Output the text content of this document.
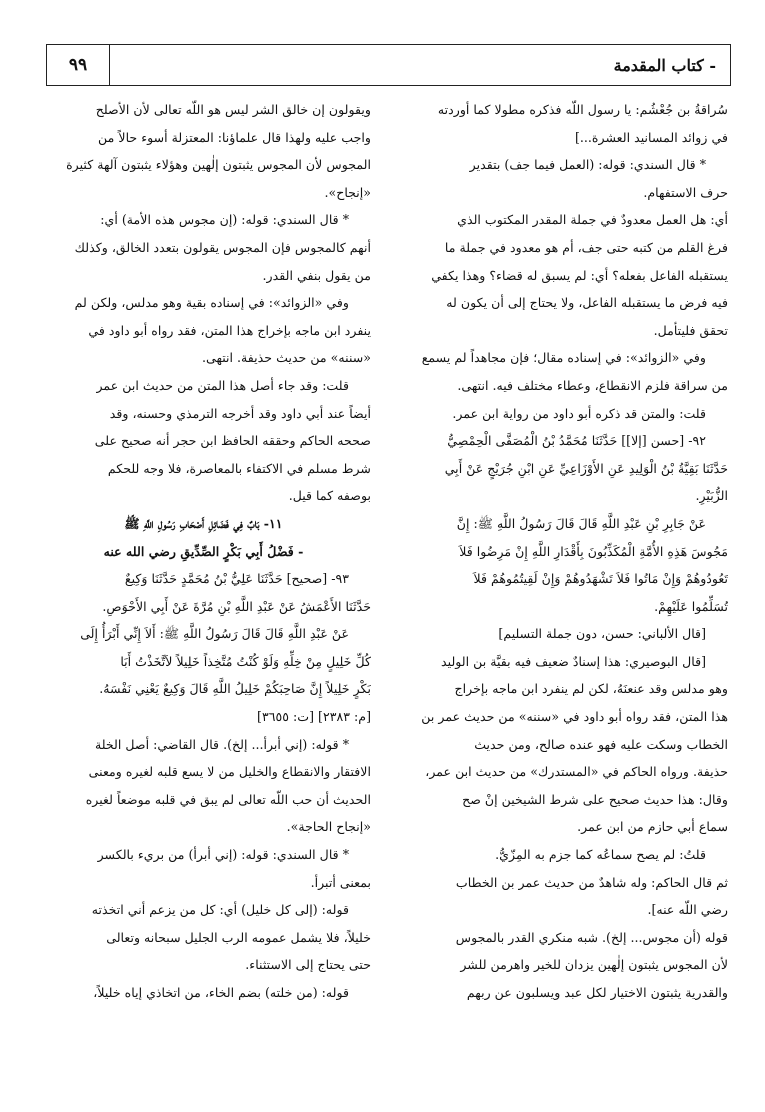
- كتاب المقدمة
٩٩

سُراقةُ بن جُعْشُم: يا رسول اللّه فذكره مطولا كما أوردته

في زوائد المسانيد العشرة...]

* قال السندي: قوله: (العمل فيما جف) بتقدير

حرف الاستفهام.

أي: هل العمل معدودٌ في جملة المقدر المكتوب الذي

فرغ القلم من كتبه حتى جف، أم هو معدود في جملة ما

يستقبله الفاعل بفعله؟ أي: لم يسبق له قضاء؟ وهذا يكفي

فيه فرض ما يستقبله الفاعل، ولا يحتاج إلى أن يكون له

تحقق فليتأمل.

وفي «الزوائد»: في إسناده مقال؛ فإن مجاهداً لم يسمع

من سراقة فلزم الانقطاع، وعطاء مختلف فيه. انتهى.

قلت: والمتن قد ذكره أبو داود من رواية ابن عمر.

٩٢- [حسن [إلا]] حَدَّثَنَا مُحَمَّدُ بْنُ الْمُصَفَّى الْحِمْصِيُّ

حَدَّثَنَا بَقِيَّةُ بْنُ الْوَلِيدِ عَنِ الأَوْزَاعِيِّ عَنِ ابْنِ جُرَيْجٍ عَنْ أَبِي

الزُّبَيْرِ.

عَنْ جَابِرِ بْنِ عَبْدِ اللَّهِ قَالَ قَالَ رَسُولُ اللَّهِ ﷺ: إِنَّ

مَجُوسَ هَذِهِ الأُمَّةِ الْمُكَذِّبُونَ بِأَقْدَارِ اللَّهِ إِنْ مَرِضُوا فَلاَ

تَعُودُوهُمْ وَإِنْ مَاتُوا فَلاَ تَشْهَدُوهُمْ وَإِنْ لَقِيتُمُوهُمْ فَلاَ

تُسَلِّمُوا عَلَيْهِمْ.

[قال الألباني: حسن، دون جملة التسليم]

[قال البوصيري: هذا إسنادٌ ضعيف فيه بقيَّة بن الوليد

وهو مدلس وقد عنعنَهُ، لكن لم ينفرد ابن ماجه بإخراج

هذا المتن، فقد رواه أبو داود في «سننه» من حديث عمر بن

الخطاب وسكت عليه فهو عنده صالح، ومن حديث

حذيفة. ورواه الحاكم في «المستدرك» من حديث ابن عمر،

وقال: هذا حديث صحيح على شرط الشيخين إنْ صح

سماع أبي حازم من ابن عمر.

قلتُ: لم يصح سماعُه كما جزم به المِزّيُّ.

ثم قال الحاكم: وله شاهدٌ من حديث عمر بن الخطاب

رضي اللّه عنه].

قوله (أن مجوس... إلخ). شبه منكري القدر بالمجوس

لأن المجوس يثبتون إلٰهين يزدان للخير واهرمن للشر

والقدرية يثبتون الاختيار لكل عبد ويسلبون عن ربهم

ويقولون إن خالق الشر ليس هو اللّه تعالى لأن الأصلح

واجب عليه ولهذا قال علماؤنا: المعتزلة أسوء حالاً من

المجوس لأن المجوس يثبتون إلٰهين وهؤلاء يثبتون آلهة كثيرة

«إنجاح».

* قال السندي: قوله: (إن مجوس هذه الأمة) أي:

أنهم كالمجوس فإن المجوس يقولون بتعدد الخالق، وكذلك

من يقول بنفي القدر.

وفي «الزوائد»: في إسناده بقية وهو مدلس، ولكن لم

ينفرد ابن ماجه بإخراج هذا المتن، فقد رواه أبو داود في

«سننه» من حديث حذيفة. انتهى.

قلت: وقد جاء أصل هذا المتن من حديث ابن عمر

أيضاً عند أبي داود وقد أخرجه الترمذي وحسنه، وقد

صححه الحاكم وحققه الحافظ ابن حجر أنه صحيح على

شرط مسلم في الاكتفاء بالمعاصرة، فلا وجه للحكم

بوصفه كما قيل.

١١- بَابٌ فِي فَضَائِلِ أَصْحَابِ رَسُولِ اللَّهِ ﷺ

- فَضْلُ أَبِي بَكْرٍ الصِّدِّيقِ رضي الله عنه

٩٣- [صحيح] حَدَّثَنَا عَلِيُّ بْنُ مُحَمَّدٍ حَدَّثَنَا وَكِيعٌ

حَدَّثَنَا الأَعْمَشُ عَنْ عَبْدِ اللَّهِ بْنِ مُرَّةَ عَنْ أَبِي الأَحْوَصِ.

عَنْ عَبْدِ اللَّهِ قَالَ قَالَ رَسُولُ اللَّهِ ﷺ: أَلاَ إِنِّي أَبْرَأُ إِلَى

كُلِّ خَلِيلٍ مِنْ خِلِّهِ وَلَوْ كُنْتُ مُتَّخِذاً خَلِيلاً لاَتَّخَذْتُ أَبَا

بَكْرٍ خَلِيلاً إِنَّ صَاحِبَكُمْ خَلِيلُ اللَّهِ قَالَ وَكِيعٌ يَعْنِي نَفْسَهُ.

[م: ٢٣٨٣] [ت: ٣٦٥٥]

* قوله: (إني أبرأ... إلخ). قال القاضي: أصل الخلة

الافتقار والانقطاع والخليل من لا يسع قلبه لغيره ومعنى

الحديث أن حب اللّه تعالى لم يبق في قلبه موضعاً لغيره

«إنجاح الحاجة».

* قال السندي: قوله: (إني أبرأ) من بريء بالكسر

بمعنى أتبرأ.

قوله: (إلى كل خليل) أي: كل من يزعم أني اتخذته

خليلاً، فلا يشمل عمومه الرب الجليل سبحانه وتعالى

حتى يحتاج إلى الاستثناء.

قوله: (من خلته) بضم الخاء، من اتخاذي إياه خليلاً،
